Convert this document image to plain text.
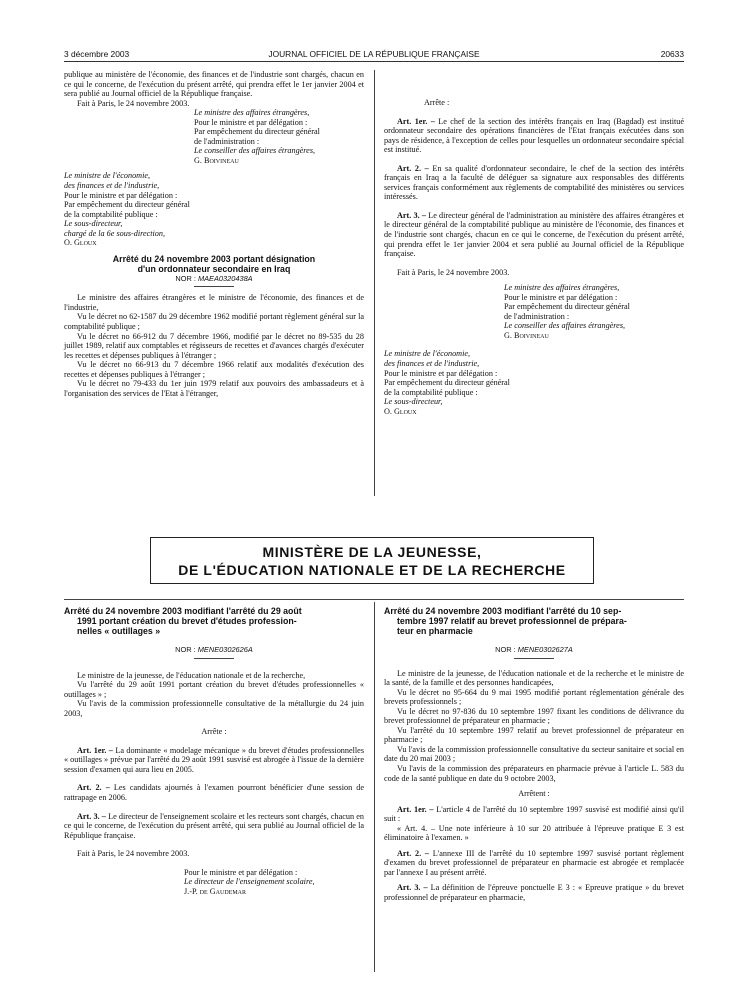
3 décembre 2003	JOURNAL OFFICIEL DE LA RÉPUBLIQUE FRANÇAISE	20633

publique au ministère de l'économie, des finances et de l'industrie sont chargés, chacun en ce qui le concerne, de l'exécution du présent arrêté, qui prendra effet le 1er janvier 2004 et sera publié au Journal officiel de la République française.

Fait à Paris, le 24 novembre 2003.

Le ministre des affaires étrangères,

Pour le ministre et par délégation :

Par empêchement du directeur général

de l'administration :

Le conseiller des affaires étrangères,

G. Boivineau

Le ministre de l'économie,

des finances et de l'industrie,

Pour le ministre et par délégation :

Par empêchement du directeur général

de la comptabilité publique :

Le sous-directeur,

chargé de la 6e sous-direction,

O. Gloux

Arrêté du 24 novembre 2003 portant désignation

d'un ordonnateur secondaire en Iraq

NOR : MAEA0320438A

Le ministre des affaires étrangères et le ministre de l'économie, des finances et de l'industrie,

Vu le décret no 62-1587 du 29 décembre 1962 modifié portant règlement général sur la comptabilité publique ;

Vu le décret no 66-912 du 7 décembre 1966, modifié par le décret no 89-535 du 28 juillet 1989, relatif aux comptables et régisseurs de recettes et d'avances chargés d'exécuter les recettes et dépenses publiques à l'étranger ;

Vu le décret no 66-913 du 7 décembre 1966 relatif aux modalités d'exécution des recettes et dépenses publiques à l'étranger ;

Vu le décret no 79-433 du 1er juin 1979 relatif aux pouvoirs des ambassadeurs et à l'organisation des services de l'Etat à l'étranger,

Arrête :

Art. 1er. – Le chef de la section des intérêts français en Iraq (Bagdad) est institué ordonnateur secondaire des opérations financières de l'Etat français exécutées dans son pays de résidence, à l'exception de celles pour lesquelles un ordonnateur secondaire spécial est institué.

Art. 2. – En sa qualité d'ordonnateur secondaire, le chef de la section des intérêts français en Iraq a la faculté de déléguer sa signature aux responsables des différents services français conformément aux règlements de comptabilité des ministères ou services intéressés.

Art. 3. – Le directeur général de l'administration au ministère des affaires étrangères et le directeur général de la comptabilité publique au ministère de l'économie, des finances et de l'industrie sont chargés, chacun en ce qui le concerne, de l'exécution du présent arrêté, qui prendra effet le 1er janvier 2004 et sera publié au Journal officiel de la République française.

Fait à Paris, le 24 novembre 2003.

Le ministre des affaires étrangères,

Pour le ministre et par délégation :

Par empêchement du directeur général

de l'administration :

Le conseiller des affaires étrangères,

G. Boivineau

Le ministre de l'économie,

des finances et de l'industrie,

Pour le ministre et par délégation :

Par empêchement du directeur général

de la comptabilité publique :

Le sous-directeur,

O. Gloux

MINISTÈRE DE LA JEUNESSE,
DE L'ÉDUCATION NATIONALE ET DE LA RECHERCHE

Arrêté du 24 novembre 2003 modifiant l'arrêté du 29 août

1991 portant création du brevet d'études profession-

nelles « outillages »

NOR : MENE0302626A

Le ministre de la jeunesse, de l'éducation nationale et de la recherche,

Vu l'arrêté du 29 août 1991 portant création du brevet d'études professionnelles « outillages » ;

Vu l'avis de la commission professionnelle consultative de la métallurgie du 24 juin 2003,

Arrête :

Art. 1er. – La dominante « modelage mécanique » du brevet d'études professionnelles « outillages » prévue par l'arrêté du 29 août 1991 susvisé est abrogée à l'issue de la dernière session d'examen qui aura lieu en 2005.

Art. 2. – Les candidats ajournés à l'examen pourront bénéficier d'une session de rattrapage en 2006.

Art. 3. – Le directeur de l'enseignement scolaire et les recteurs sont chargés, chacun en ce qui le concerne, de l'exécution du présent arrêté, qui sera publié au Journal officiel de la République française.

Fait à Paris, le 24 novembre 2003.

Pour le ministre et par délégation :

Le directeur de l'enseignement scolaire,

J.-P. de Gaudemar

Arrêté du 24 novembre 2003 modifiant l'arrêté du 10 sep-

tembre 1997 relatif au brevet professionnel de prépara-

teur en pharmacie

NOR : MENE0302627A

Le ministre de la jeunesse, de l'éducation nationale et de la recherche et le ministre de la santé, de la famille et des personnes handicapées,

Vu le décret no 95-664 du 9 mai 1995 modifié portant réglementation générale des brevets professionnels ;

Vu le décret no 97-836 du 10 septembre 1997 fixant les conditions de délivrance du brevet professionnel de préparateur en pharmacie ;

Vu l'arrêté du 10 septembre 1997 relatif au brevet professionnel de préparateur en pharmacie ;

Vu l'avis de la commission professionnelle consultative du secteur sanitaire et social en date du 20 mai 2003 ;

Vu l'avis de la commission des préparateurs en pharmacie prévue à l'article L. 583 du code de la santé publique en date du 9 octobre 2003,

Arrêtent :

Art. 1er. – L'article 4 de l'arrêté du 10 septembre 1997 susvisé est modifié ainsi qu'il suit :

« Art. 4. – Une note inférieure à 10 sur 20 attribuée à l'épreuve pratique E 3 est éliminatoire à l'examen. »

Art. 2. – L'annexe III de l'arrêté du 10 septembre 1997 susvisé portant règlement d'examen du brevet professionnel de préparateur en pharmacie est abrogée et remplacée par l'annexe I au présent arrêté.

Art. 3. – La définition de l'épreuve ponctuelle E 3 : « Epreuve pratique » du brevet professionnel de préparateur en pharmacie,
